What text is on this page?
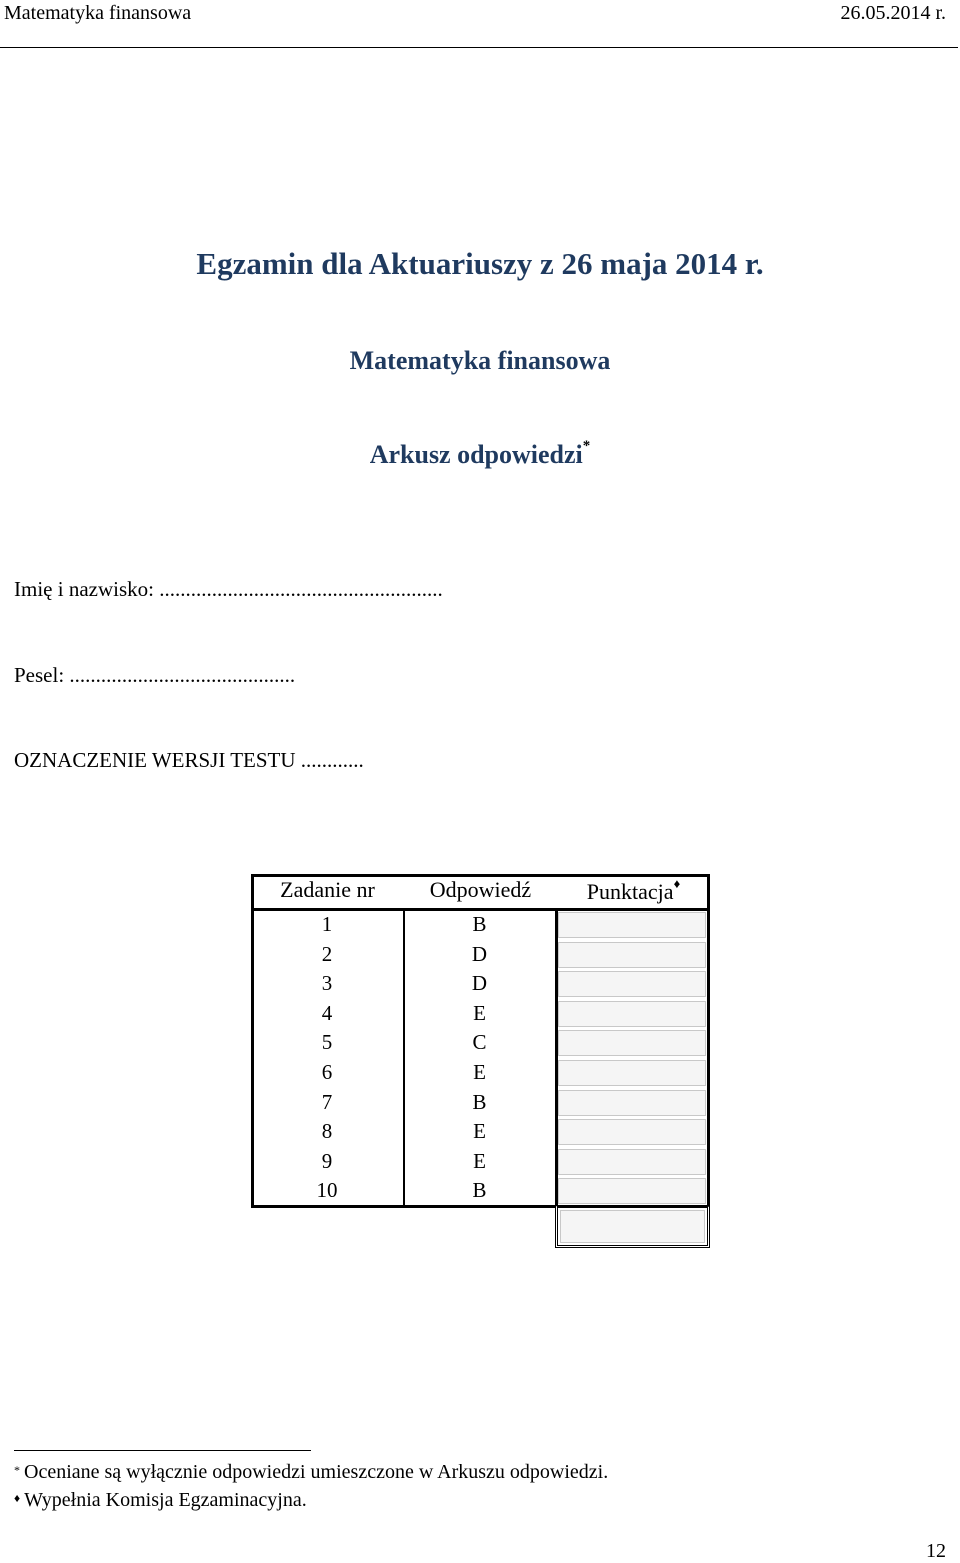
Matematyka finansowa	26.05.2014 r.
Egzamin dla Aktuariuszy z 26 maja 2014 r.
Matematyka finansowa
Arkusz odpowiedzi*
Imię i nazwisko: ......................................................
Pesel: ...........................................
OZNACZENIE WERSJI TESTU ............
Zadanie nr	Odpowiedź	Punktacja♦
1	B
2	D
3	D
4	E
5	C
6	E
7	B
8	E
9	E
10	B
* Oceniane są wyłącznie odpowiedzi umieszczone w Arkuszu odpowiedzi.
♦ Wypełnia Komisja Egzaminacyjna.
12
